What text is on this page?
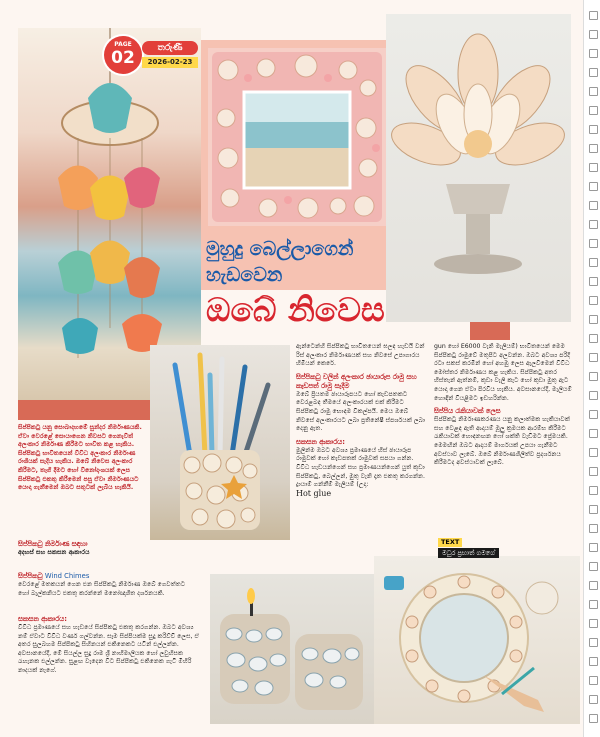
PAGE
02	තරුණී
2026-02-23
මුහුදු බෙල්ලාගෙන්
හැඩවෙන
ඔබේ නිවෙස

සිප්පිකටු යනු සොබාදහමේ සුන්දර නිර්මාණයකි. ඒවා වෙරළේ සොයාගෙන නිවසට ගෙනැවිත් අලංකාර නිර්මාණ කිරීමට භාවිත කළ හැකිය. සිප්පිකටු භාවිතයෙන් විවිධ අලංකාර නිර්මාණ රාශියක් සැදිය හැකිය. ඔබේ නිවෙස අලංකාර කිරීමට, තෑගි දීමට හෝ විනෝදාංශයක් ලෙස සිප්පිකටු එකතු කිරීමෙන් පසු ඒවා නිර්මාණයට යොදා ගැනීමෙන් ඔබට සතුටක් ලැබිය හැකියි.

සිප්පිකටු නිර්මාණ සඳහා

අදහස් සහ සකසන ආකාරය

සිප්පිකටු Wind Chimes

වෙරළේ මතකයන් ගෙන එන සිප්පිකටු නිර්මාණ ඔබේ ගෙවත්තට හෝ බැල්කනියට එකතු කරන්නේ මනෝඥාශීත දර්ශනයකි.

සකසන ආකාරය:

විවිධ ප්‍රමාණයේ සහ හැඩයේ සිප්පිකටු එකතු කරගන්න. ඔබට අවශ්‍ය නම් ඒවාට විවිධ වර්ණ ගල්වන්න. සෑම සිප්පියක්ම සුදු කරිව්චි ලෙස, ඒ අතර සුලබහම සිප්පිකටු සිහිනයන් එකිනෙකට යටින් එල්ලන්න. අවසානයේදී, මේ සියල්ල සුදු රාම ශ්‍රී නාහිමාලියක හෝ ලවුහිසක රැහැනක එල්ලන්න. සුළඟ වැදෙන විට සිප්පිකටු එකිනෙක ගැටී මිහිරි නාදයක් නැගේ.

ඇන්ටෙන්හි සිප්පිකටු භාවිතයෙන් ඝලඳ හැඩයි වන් රිස් අලංකාර නිර්මාණයක් සහ නිවසේ උපාගාරය හිමියන් කෙරේ.

සිප්පිකටු වලින් අලංකාර ඡායාරූප රාමු සහ කැඩපත් රාමු සැදීම

ඔබේ ප්‍රියතම ඡායාරූපයට හෝ කැඩපතකට වෙරළබඳ තීමයේ අලංකාරයක් එක් කිරීමට සිප්පිකටු රාමු භොඳම විකල්පයි. මෙය ඔබේ නිවසේ අලංකාරයට ලබා ප්‍රතිනේෂී ස්පර්ශයක් ලබා දෙනු ඇත.

සකසන ආකාරය:

මුලින්ම ඔබට අවශ්‍ය ප්‍රමාණයේ හිස් ඡායාරූප රාමුවක් හෝ කැඩපතක් රාමුවක් සපයා ගන්න. විවිධ හැඩයන්ගෙන් සහ ප්‍රමාණයන්ගෙන් යුත් කුඩා සිප්පිකටු, බෙල්ලන්, මුතු වැනි දෑත එකතු කරගන්න. ද්‍රායාම් ගන්නීම් මැලියම් (උදා:

Hot glue

gun හෝ E6000 වැනි මැලියම්) භාවිතයෙන් මෙම සිප්පිකටු රාමුවේ මතුපිට අලවන්න. ඔබට අවශ්‍ය පරිදි රටා සකස් කරමින් හෝ අහඹු ලෙස ඇලවීමෙන් විවිධ මෝස්තර නිර්මාණය කළ හැකිය. සිප්පිකටු අතර හිස්තැන් ඇත්නම්, කුඩා වැලි කැට හෝ කුඩා මුතු ඇට යොදා ගෙන ඒවා පිරවිය හැකිය. අවසානයේදී, මැලියම් හොඳින් වියළීමට ඉඩහරින්න.

සිප්පිය රැකියාවක් ලෙස

සිප්පිකටු නිර්මාණකරණය යනු කලාත්මක හැකියාවක් සහ වෙළඳ ඇති ආදායම් මූලු ක්‍රමයක ආරම්භ කිරීමට රැකියාවක් හොඳනඟන ෆෝ ශක්ති වැඩිමට ප්‍රේමයකි. මෙමඟින් ඔබට ආදායම් මාර්ගයක් උපයා ගැනීමට අවස්ථාව ලැබේ. ඔබේ නිර්මාණශීලීත්ව ප්‍රදර්ශනය කිරීමටද අවස්ථාවක් ලැබේ.

TEXT
මධුර ප්‍රභාත් ගමගේ
